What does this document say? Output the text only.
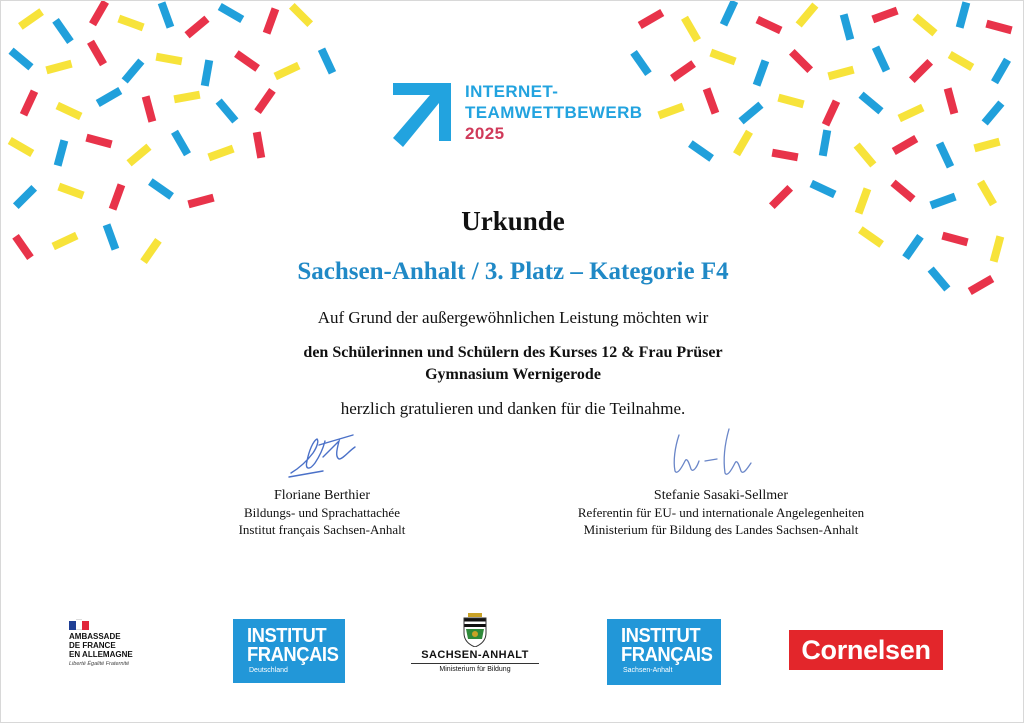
INTERNET-
TEAMWETTBEWERB
2025
Urkunde
Sachsen-Anhalt / 3. Platz – Kategorie F4
Auf Grund der außergewöhnlichen Leistung möchten wir
den Schülerinnen und Schülern des Kurses 12 & Frau Prüser
Gymnasium Wernigerode
herzlich gratulieren und danken für die Teilnahme.
Floriane Berthier
Bildungs- und Sprachattachée
Institut français Sachsen-Anhalt
Stefanie Sasaki-Sellmer
Referentin für EU- und internationale Angelegenheiten
Ministerium für Bildung des Landes Sachsen-Anhalt
AMBASSADE
DE FRANCE
EN ALLEMAGNE
Liberté Égalité Fraternité
INSTITUT
FRANÇAIS
Deutschland
SACHSEN-ANHALT
Ministerium für Bildung
INSTITUT
FRANÇAIS
Sachsen-Anhalt
Cornelsen
